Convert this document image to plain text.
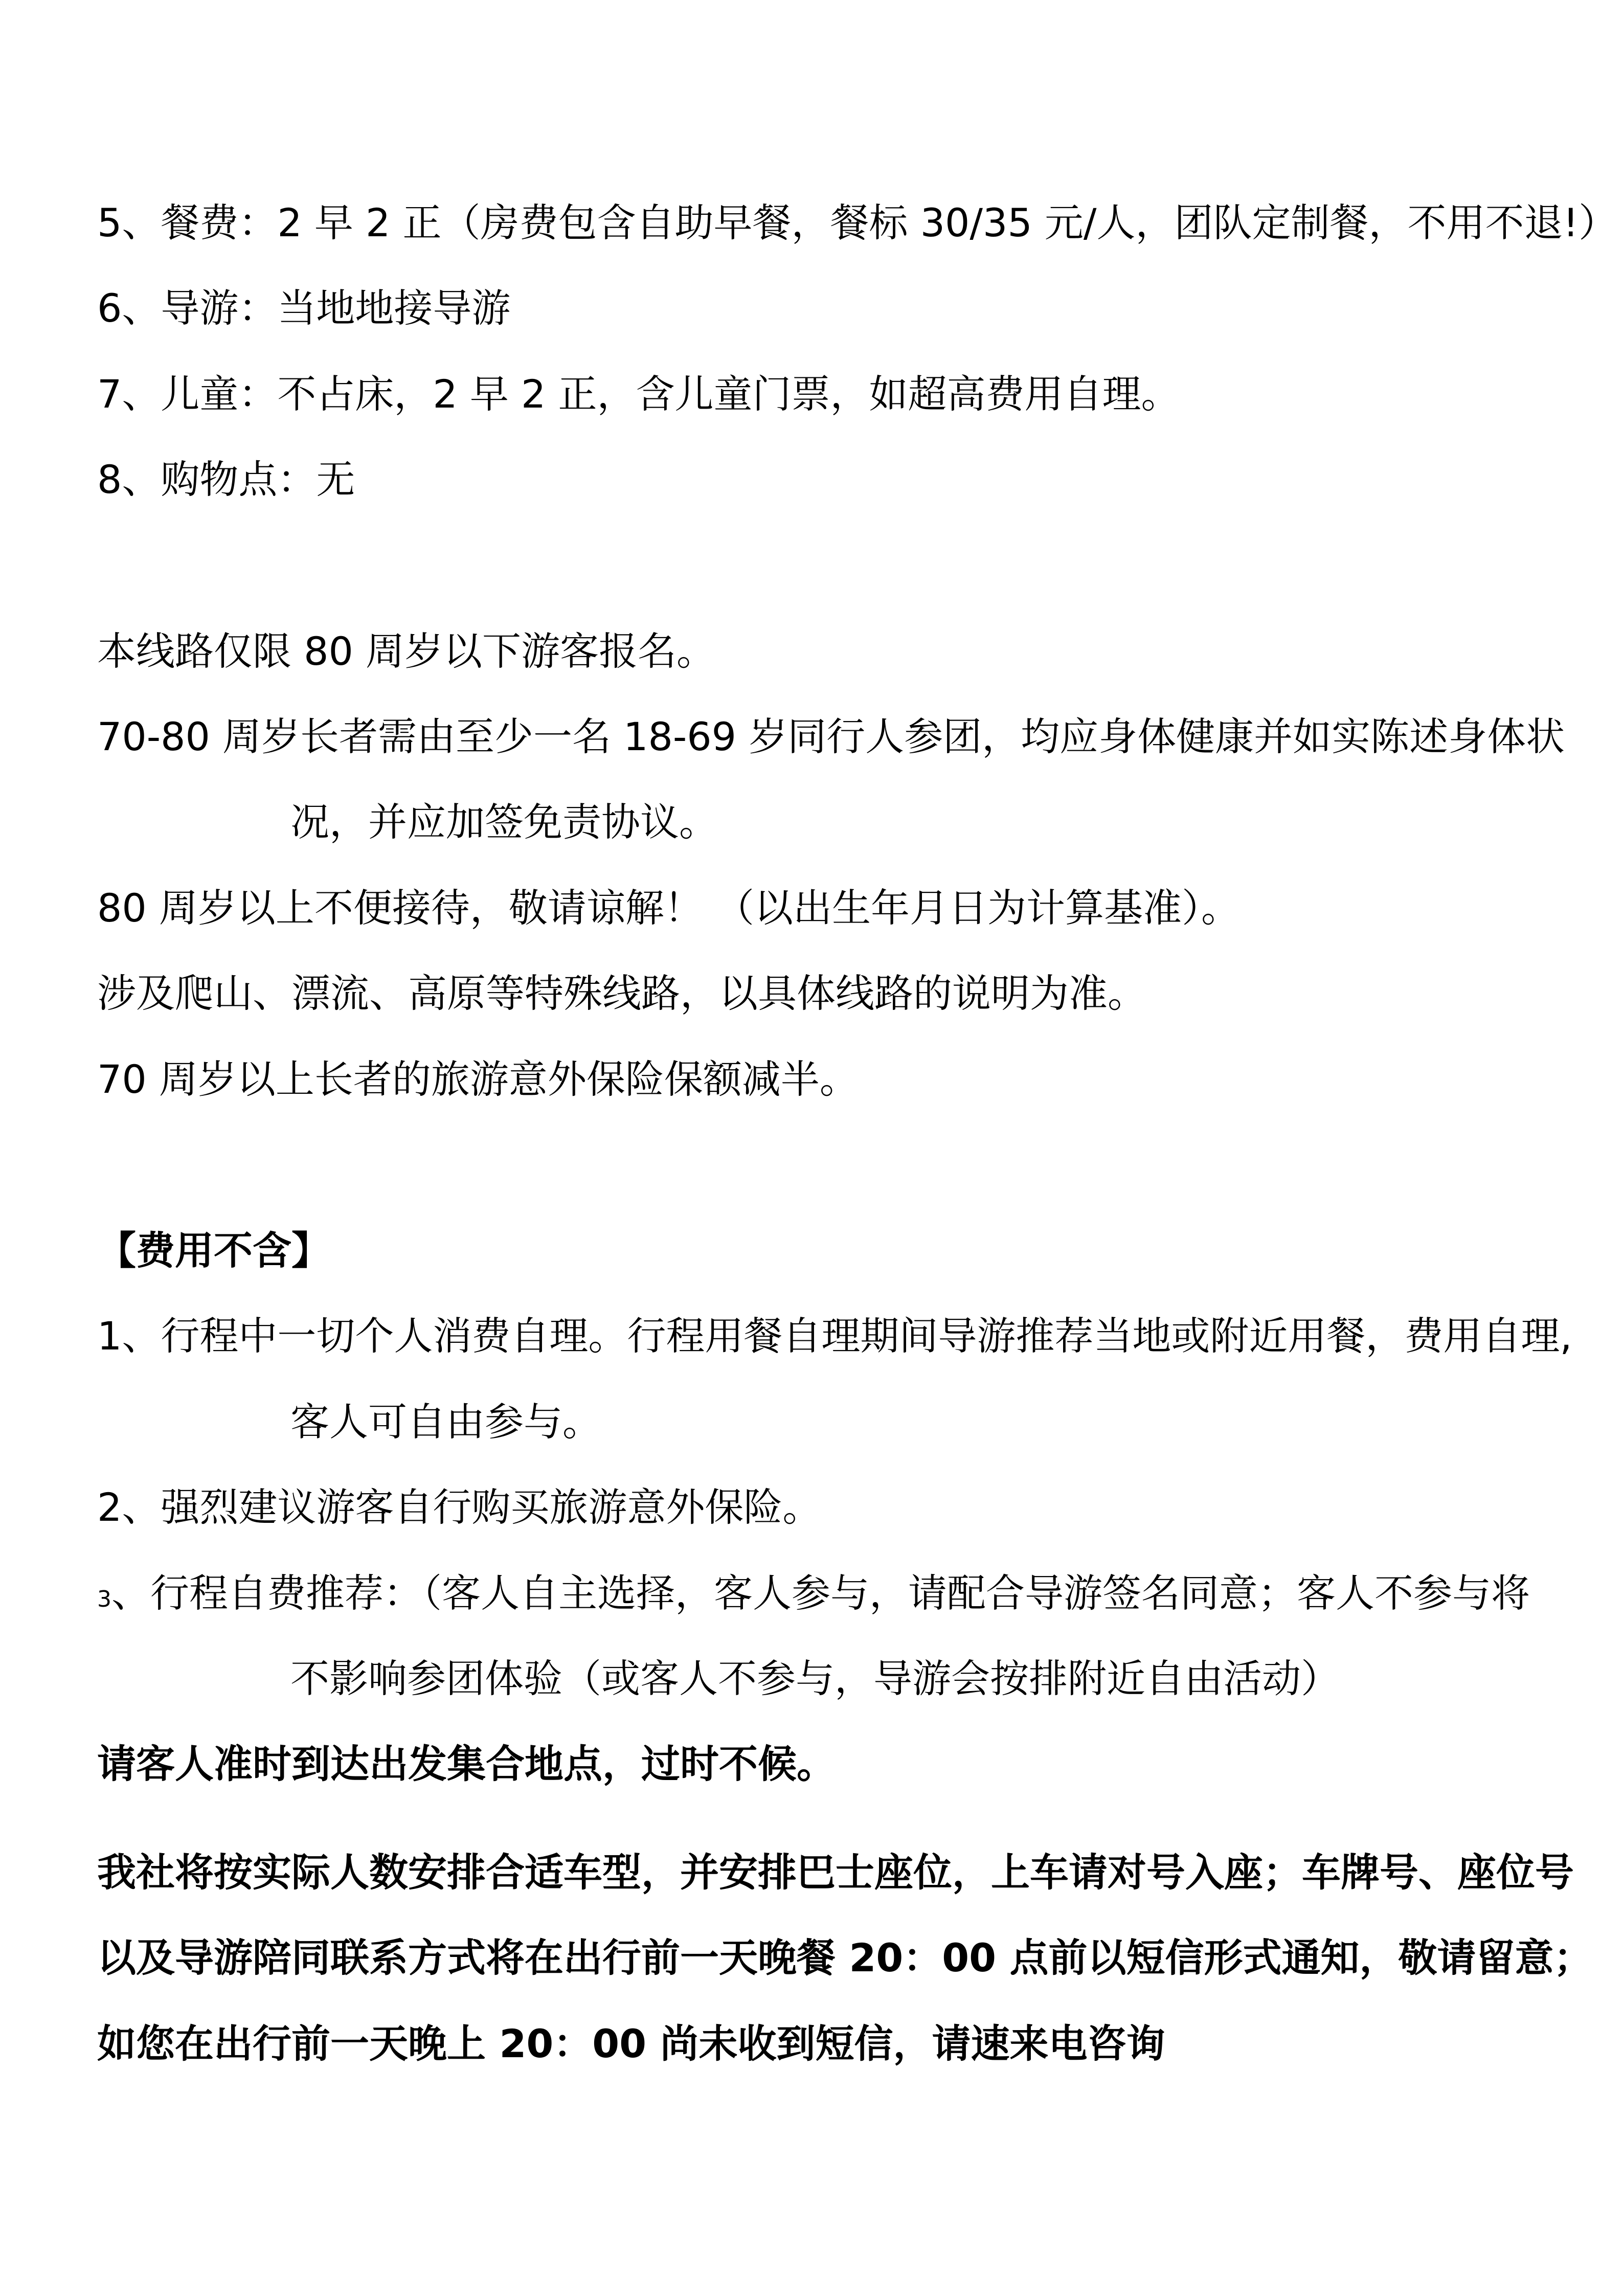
5、餐费：2 早 2 正（房费包含自助早餐，餐标 30/35 元/人，团队定制餐，不用不退!）
6、导游：当地地接导游
7、儿童：不占床，2 早 2 正，含儿童门票，如超高费用自理。
8、购物点：无
本线路仅限 80 周岁以下游客报名。
70-80 周岁长者需由至少一名 18-69 岁同行人参团，均应身体健康并如实陈述身体状
况，并应加签免责协议。
80 周岁以上不便接待，敬请谅解！ （以出生年月日为计算基准）。
涉及爬山、漂流、高原等特殊线路，以具体线路的说明为准。
70 周岁以上长者的旅游意外保险保额减半。
【费用不含】
1、行程中一切个人消费自理。行程用餐自理期间导游推荐当地或附近用餐，费用自理,
客人可自由参与。
2、强烈建议游客自行购买旅游意外保险。
3、行程自费推荐：（客人自主选择，客人参与，请配合导游签名同意；客人不参与将
不影响参团体验（或客人不参与，导游会按排附近自由活动）
请客人准时到达出发集合地点，过时不候。
我社将按实际人数安排合适车型，并安排巴士座位，上车请对号入座；车牌号、座位号
以及导游陪同联系方式将在出行前一天晚餐 20：00 点前以短信形式通知，敬请留意；
如您在出行前一天晚上 20：00 尚未收到短信，请速来电咨询
